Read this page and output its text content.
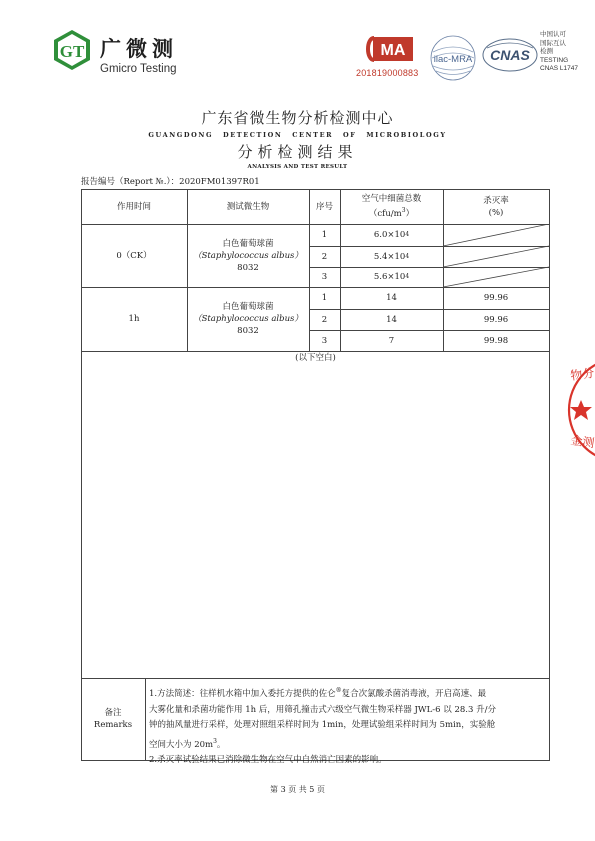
GT 广微测
Gmicro Testing
MA
201819000883
ilac-MRA CNAS
中国认可
国际互认
检测
TESTING
CNAS L1747
广东省微生物分析检测中心
GUANGDONG DETECTION CENTER OF MICROBIOLOGY
分析检测结果
ANALYSIS AND TEST RESULT
报告编号（Report №.）：2020FM01397R01
作用时间	测试微生物	序号
空气中细菌总数
$(cfu/m^3)$
杀灭率
(%)
0（CK）
白色葡萄球菌
（Staphylococcus albus）
8032
1
2
3
6.0×10 4
5.4×10 4
5.6×10 4
1h
白色葡萄球菌
（Staphylococcus albus）
8032
1
2
3
14
14
7
99.96
99.96
99.98
(以下空白)
备注
Remarks
1.方法简述：往样机水箱中加入委托方提供的佐仑®复合次氯酸杀菌消毒液，开启高速、最
大雾化量和杀菌功能作用 1h 后，用筛孔撞击式六级空气微生物采样器 JWL-6 以 28.3 升/分
钟的抽风量进行采样，处理对照组采样时间为 1min，处理试验组采样时间为 5min，实验舱
空间大小为 $20m^3$。
2.杀灭率试验结果已消除微生物在空气中自然消亡因素的影响。
第 3 页 共 5 页
物分
金测
